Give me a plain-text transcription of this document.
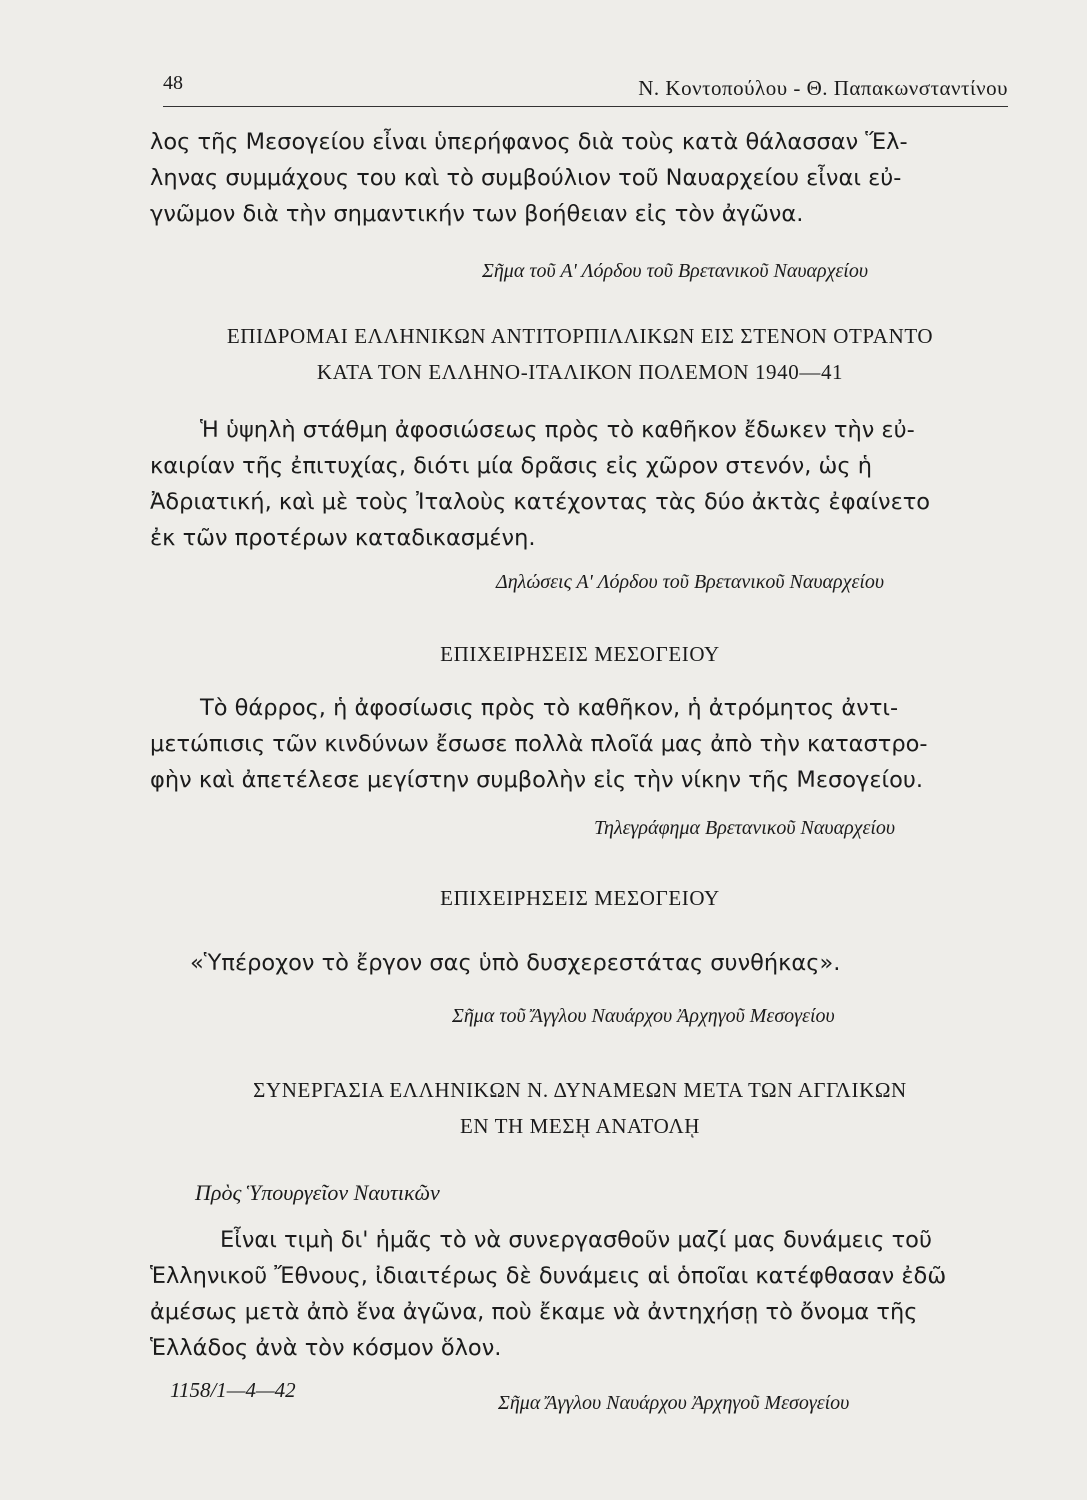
48	Ν. Κοντοπούλου - Θ. Παπακωνσταντίνου

λος τῆς Μεσογείου εἶναι ὑπερήφανος διὰ τοὺς κατὰ θάλασσαν Ἕλ-
ληνας συμμάχους του καὶ τὸ συμβούλιον τοῦ Ναυαρχείου εἶναι εὐ-
γνῶμον διὰ τὴν σημαντικήν των βοήθειαν εἰς τὸν ἀγῶνα.

Σῆμα τοῦ Α' Λόρδου τοῦ Βρετανικοῦ Ναυαρχείου
ΕΠΙΔΡΟΜΑΙ ΕΛΛΗΝΙΚΩΝ ΑΝΤΙΤΟΡΠΙΛΛΙΚΩΝ ΕΙΣ ΣΤΕΝΟΝ ΟΤΡΑΝΤΟ
ΚΑΤΑ ΤΟΝ ΕΛΛΗΝΟ-ΙΤΑΛΙΚΟΝ ΠΟΛΕΜΟΝ 1940—41

Ἡ ὑψηλὴ στάθμη ἀφοσιώσεως πρὸς τὸ καθῆκον ἔδωκεν τὴν εὐ-

καιρίαν τῆς ἐπιτυχίας, διότι μία δρᾶσις εἰς χῶρον στενόν, ὡς ἡ
Ἀδριατική, καὶ μὲ τοὺς Ἰταλοὺς κατέχοντας τὰς δύο ἀκτὰς ἐφαίνετο
ἐκ τῶν προτέρων καταδικασμένη.

Δηλώσεις Α' Λόρδου τοῦ Βρετανικοῦ Ναυαρχείου
ΕΠΙΧΕΙΡΗΣΕΙΣ ΜΕΣΟΓΕΙΟΥ

Τὸ θάρρος, ἡ ἀφοσίωσις πρὸς τὸ καθῆκον, ἡ ἀτρόμητος ἀντι-

μετώπισις τῶν κινδύνων ἔσωσε πολλὰ πλοῖά μας ἀπὸ τὴν καταστρο-
φὴν καὶ ἀπετέλεσε μεγίστην συμβολὴν εἰς τὴν νίκην τῆς Μεσογείου.

Τηλεγράφημα Βρετανικοῦ Ναυαρχείου
ΕΠΙΧΕΙΡΗΣΕΙΣ ΜΕΣΟΓΕΙΟΥ

«Ὑπέροχον τὸ ἔργον σας ὑπὸ δυσχερεστάτας συνθήκας».

Σῆμα τοῦ Ἄγγλου Ναυάρχου Ἀρχηγοῦ Μεσογείου
ΣΥΝΕΡΓΑΣΙΑ ΕΛΛΗΝΙΚΩΝ Ν. ΔΥΝΑΜΕΩΝ ΜΕΤΑ ΤΩΝ ΑΓΓΛΙΚΩΝ
ΕΝ ΤΗ ΜΕΣῌ ΑΝΑΤΟΛῌ
Πρὸς Ὑπουργεῖον Ναυτικῶν

Εἶναι τιμὴ δι' ἡμᾶς τὸ νὰ συνεργασθοῦν μαζί μας δυνάμεις τοῦ

Ἑλληνικοῦ Ἔθνους, ἰδιαιτέρως δὲ δυνάμεις αἱ ὁποῖαι κατέφθασαν ἐδῶ
ἀμέσως μετὰ ἀπὸ ἕνα ἀγῶνα, ποὺ ἔκαμε νὰ ἀντηχήσῃ τὸ ὄνομα τῆς
Ἑλλάδος ἀνὰ τὸν κόσμον ὅλον.

1158/1—4—42
Σῆμα Ἄγγλου Ναυάρχου Ἀρχηγοῦ Μεσογείου
